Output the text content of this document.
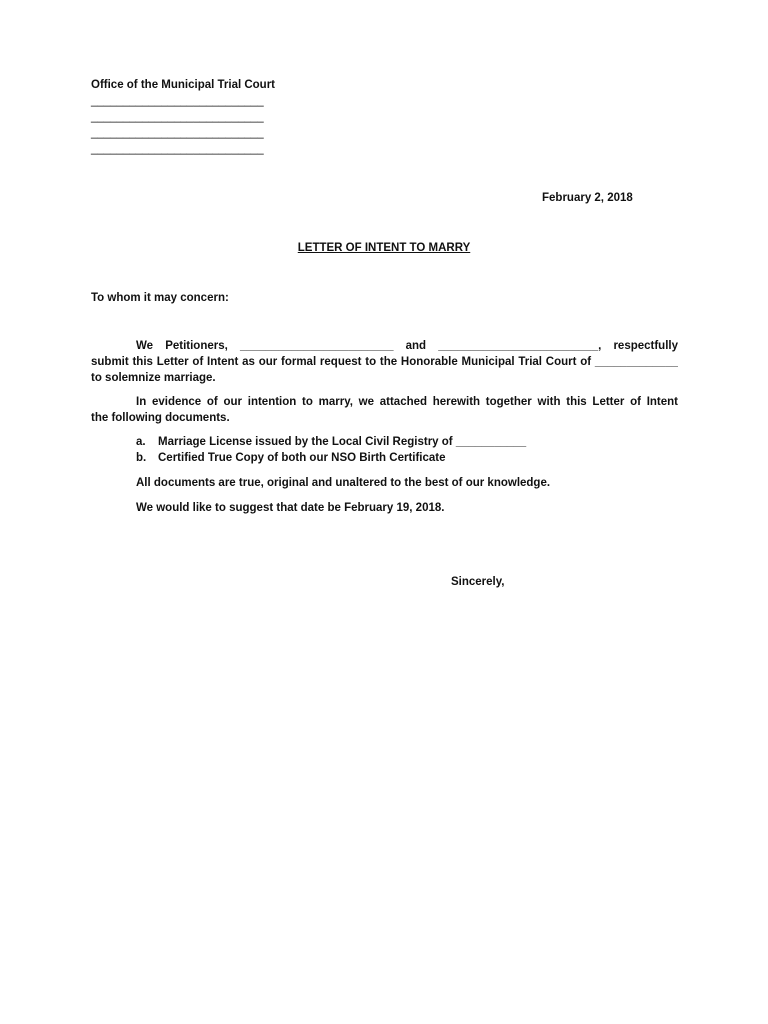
Office of the Municipal Trial Court
___________________________
___________________________
___________________________
___________________________
February 2, 2018
LETTER OF INTENT TO MARRY
To whom it may concern:
We Petitioners, ________________________ and _________________________, respectfully
submit this Letter of Intent as our formal request to the Honorable Municipal Trial Court of _____________
to solemnize marriage.
In evidence of our intention to marry, we attached herewith together with this Letter of Intent
the following documents.
a. Marriage License issued by the Local Civil Registry of ___________
b. Certified True Copy of both our NSO Birth Certificate
All documents are true, original and unaltered to the best of our knowledge.
We would like to suggest that date be February 19, 2018.
Sincerely,
